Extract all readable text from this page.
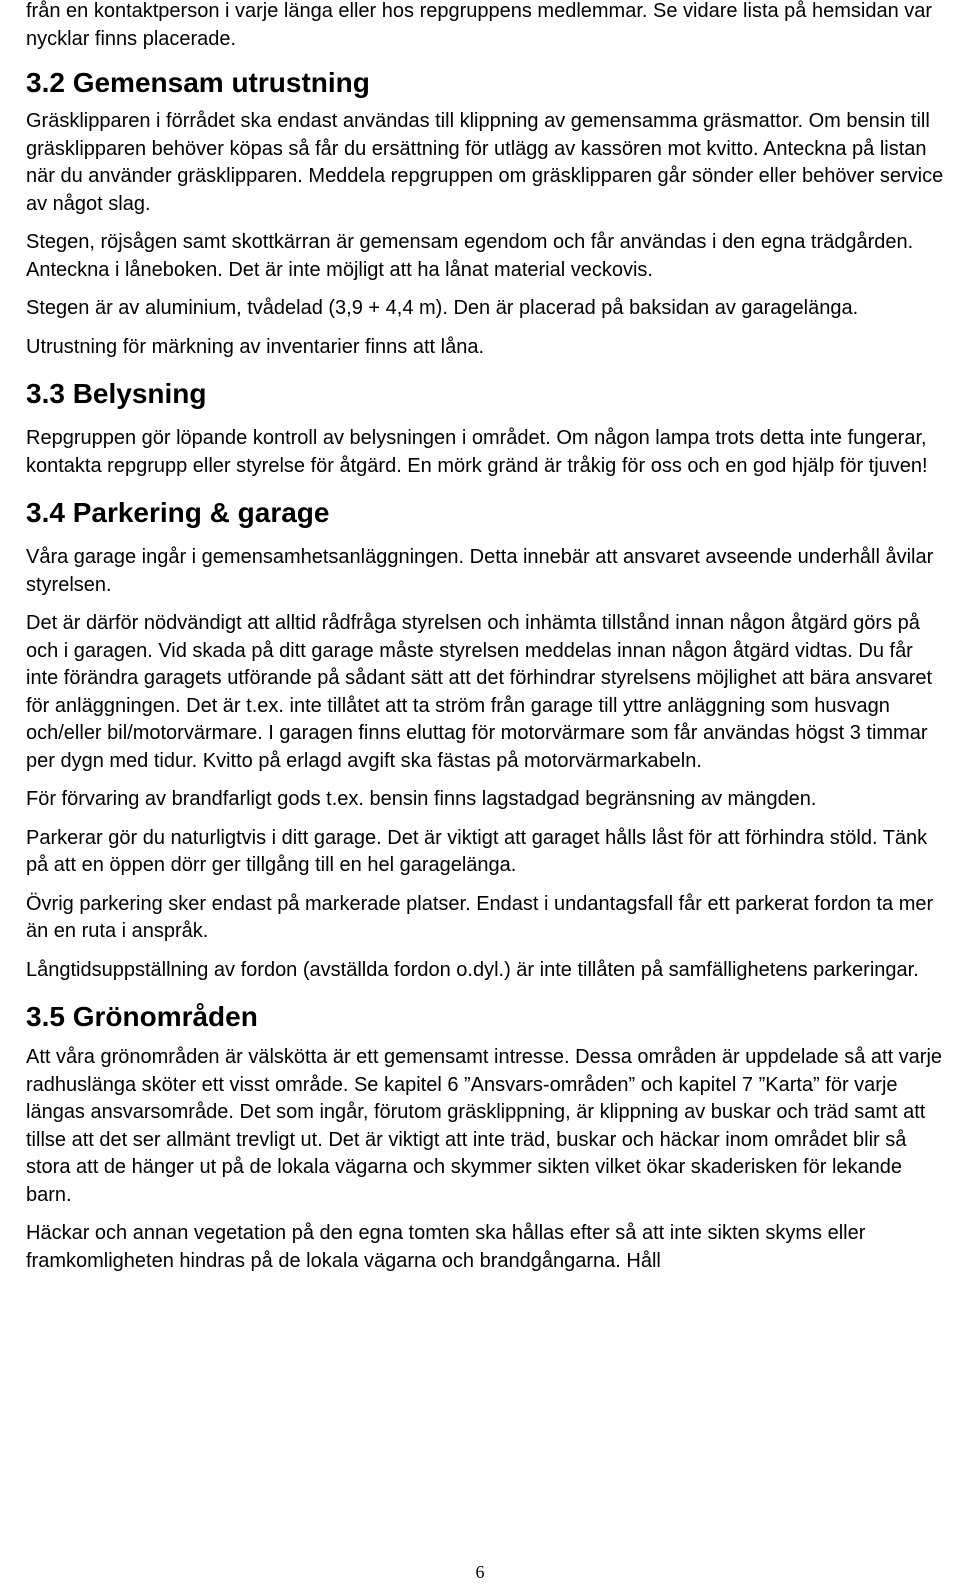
från en kontaktperson i varje länga eller hos repgruppens medlemmar. Se vidare lista på hemsidan var nycklar finns placerade.

3.2 Gemensam utrustning

Gräsklipparen i förrådet ska endast användas till klippning av gemensamma gräsmattor. Om bensin till gräsklipparen behöver köpas så får du ersättning för utlägg av kassören mot kvitto. Anteckna på listan när du använder gräsklipparen. Meddela repgruppen om gräsklipparen går sönder eller behöver service av något slag.

Stegen, röjsågen samt skottkärran är gemensam egendom och får användas i den egna trädgården. Anteckna i låneboken. Det är inte möjligt att ha lånat material veckovis.

Stegen är av aluminium, tvådelad (3,9 + 4,4 m). Den är placerad på baksidan av garagelänga.

Utrustning för märkning av inventarier finns att låna.

3.3 Belysning

Repgruppen gör löpande kontroll av belysningen i området. Om någon lampa trots detta inte fungerar, kontakta repgrupp eller styrelse för åtgärd. En mörk gränd är tråkig för oss och en god hjälp för tjuven!

3.4 Parkering & garage

Våra garage ingår i gemensamhetsanläggningen. Detta innebär att ansvaret avseende underhåll åvilar styrelsen.

Det är därför nödvändigt att alltid rådfråga styrelsen och inhämta tillstånd innan någon åtgärd görs på och i garagen. Vid skada på ditt garage måste styrelsen meddelas innan någon åtgärd vidtas. Du får inte förändra garagets utförande på sådant sätt att det förhindrar styrelsens möjlighet att bära ansvaret för anläggningen. Det är t.ex. inte tillåtet att ta ström från garage till yttre anläggning som husvagn och/eller bil/motorvärmare. I garagen finns eluttag för motorvärmare som får användas högst 3 timmar per dygn med tidur. Kvitto på erlagd avgift ska fästas på motorvärmarkabeln.

För förvaring av brandfarligt gods t.ex. bensin finns lagstadgad begränsning av mängden.

Parkerar gör du naturligtvis i ditt garage. Det är viktigt att garaget hålls låst för att förhindra stöld. Tänk på att en öppen dörr ger tillgång till en hel garagelänga.

Övrig parkering sker endast på markerade platser. Endast i undantagsfall får ett parkerat fordon ta mer än en ruta i anspråk.

Långtidsuppställning av fordon (avställda fordon o.dyl.) är inte tillåten på samfällighetens parkeringar.

3.5 Grönområden

Att våra grönområden är välskötta är ett gemensamt intresse. Dessa områden är uppdelade så att varje radhuslänga sköter ett visst område. Se kapitel 6 ”Ansvars-områden” och kapitel 7 ”Karta” för varje längas ansvarsområde. Det som ingår, förutom gräsklippning, är klippning av buskar och träd samt att tillse att det ser allmänt trevligt ut. Det är viktigt att inte träd, buskar och häckar inom området blir så stora att de hänger ut på de lokala vägarna och skymmer sikten vilket ökar skaderisken för lekande barn.

Häckar och annan vegetation på den egna tomten ska hållas efter så att inte sikten skyms eller framkomligheten hindras på de lokala vägarna och brandgångarna. Håll

6
